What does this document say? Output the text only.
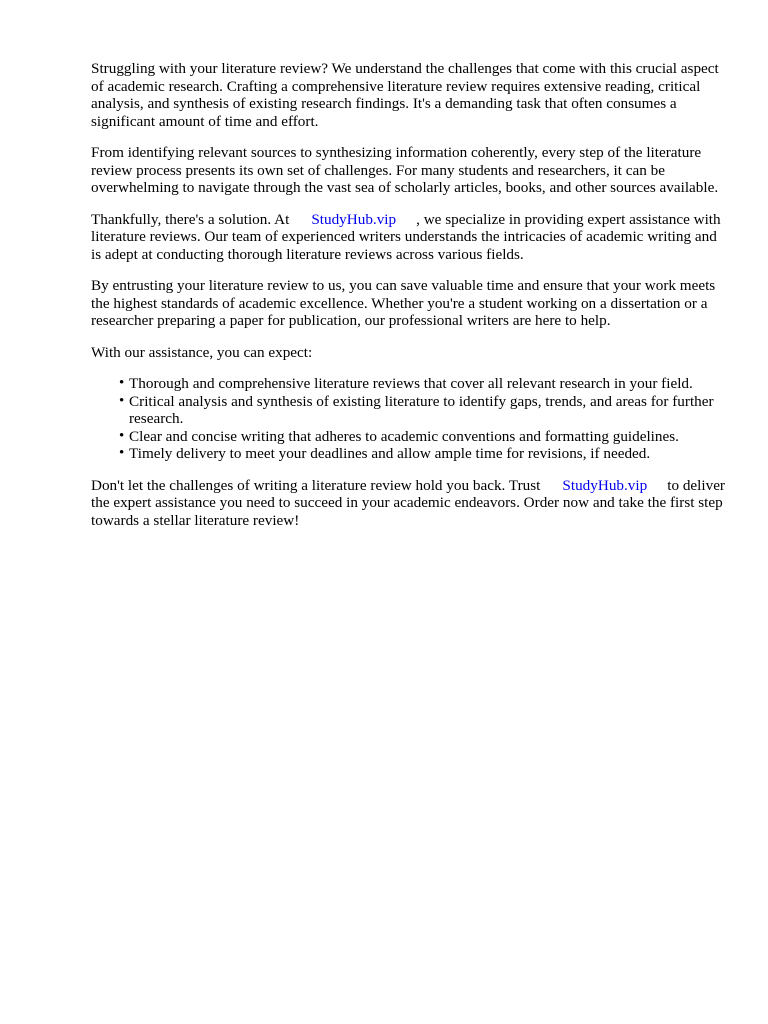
Struggling with your literature review? We understand the challenges that come with this crucial aspect of academic research. Crafting a comprehensive literature review requires extensive reading, critical analysis, and synthesis of existing research findings. It's a demanding task that often consumes a significant amount of time and effort.

From identifying relevant sources to synthesizing information coherently, every step of the literature review process presents its own set of challenges. For many students and researchers, it can be overwhelming to navigate through the vast sea of scholarly articles, books, and other sources available.

Thankfully, there's a solution. At StudyHub.vip , we specialize in providing expert assistance with literature reviews. Our team of experienced writers understands the intricacies of academic writing and is adept at conducting thorough literature reviews across various fields.

By entrusting your literature review to us, you can save valuable time and ensure that your work meets the highest standards of academic excellence. Whether you're a student working on a dissertation or a researcher preparing a paper for publication, our professional writers are here to help.

With our assistance, you can expect:

• Thorough and comprehensive literature reviews that cover all relevant research in your field.
• Critical analysis and synthesis of existing literature to identify gaps, trends, and areas for further research.
• Clear and concise writing that adheres to academic conventions and formatting guidelines.
• Timely delivery to meet your deadlines and allow ample time for revisions, if needed.

Don't let the challenges of writing a literature review hold you back. Trust StudyHub.vip to deliver the expert assistance you need to succeed in your academic endeavors. Order now and take the first step towards a stellar literature review!
